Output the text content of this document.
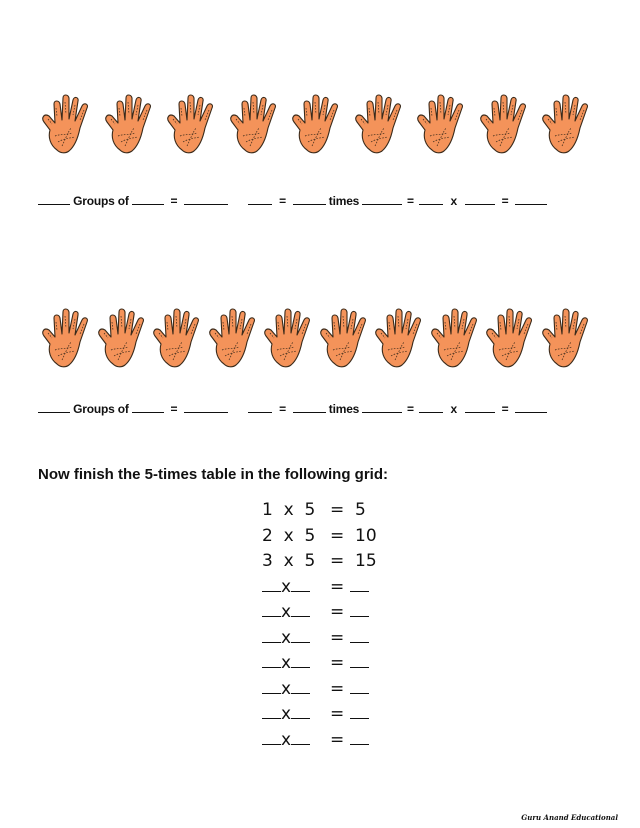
Groups of	=	=	times	=	x	=
Groups of	=	=	times	=	x	=
Now finish the 5-times table in the following grid:
1  x  5 =  5
2  x  5 =  10
3  x  5 =  15
x =
x =
x =
x =
x =
x =
x =
Guru Anand Educational
